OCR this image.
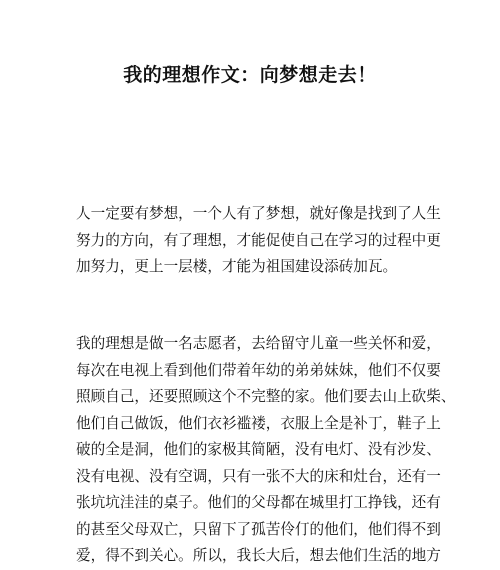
我的理想作文：向梦想走去！
人一定要有梦想，一个人有了梦想，就好像是找到了人生
努力的方向，有了理想，才能促使自己在学习的过程中更
加努力，更上一层楼，才能为祖国建设添砖加瓦。
我的理想是做一名志愿者，去给留守儿童一些关怀和爱，
每次在电视上看到他们带着年幼的弟弟妹妹，他们不仅要
照顾自己，还要照顾这个不完整的家。他们要去山上砍柴、
他们自己做饭，他们衣衫褴褛，衣服上全是补丁，鞋子上
破的全是洞，他们的家极其简陋，没有电灯、没有沙发、
没有电视、没有空调，只有一张不大的床和灶台，还有一
张坑坑洼洼的桌子。他们的父母都在城里打工挣钱，还有
的甚至父母双亡，只留下了孤苦伶仃的他们，他们得不到
爱，得不到关心。所以，我长大后，想去他们生活的地方
